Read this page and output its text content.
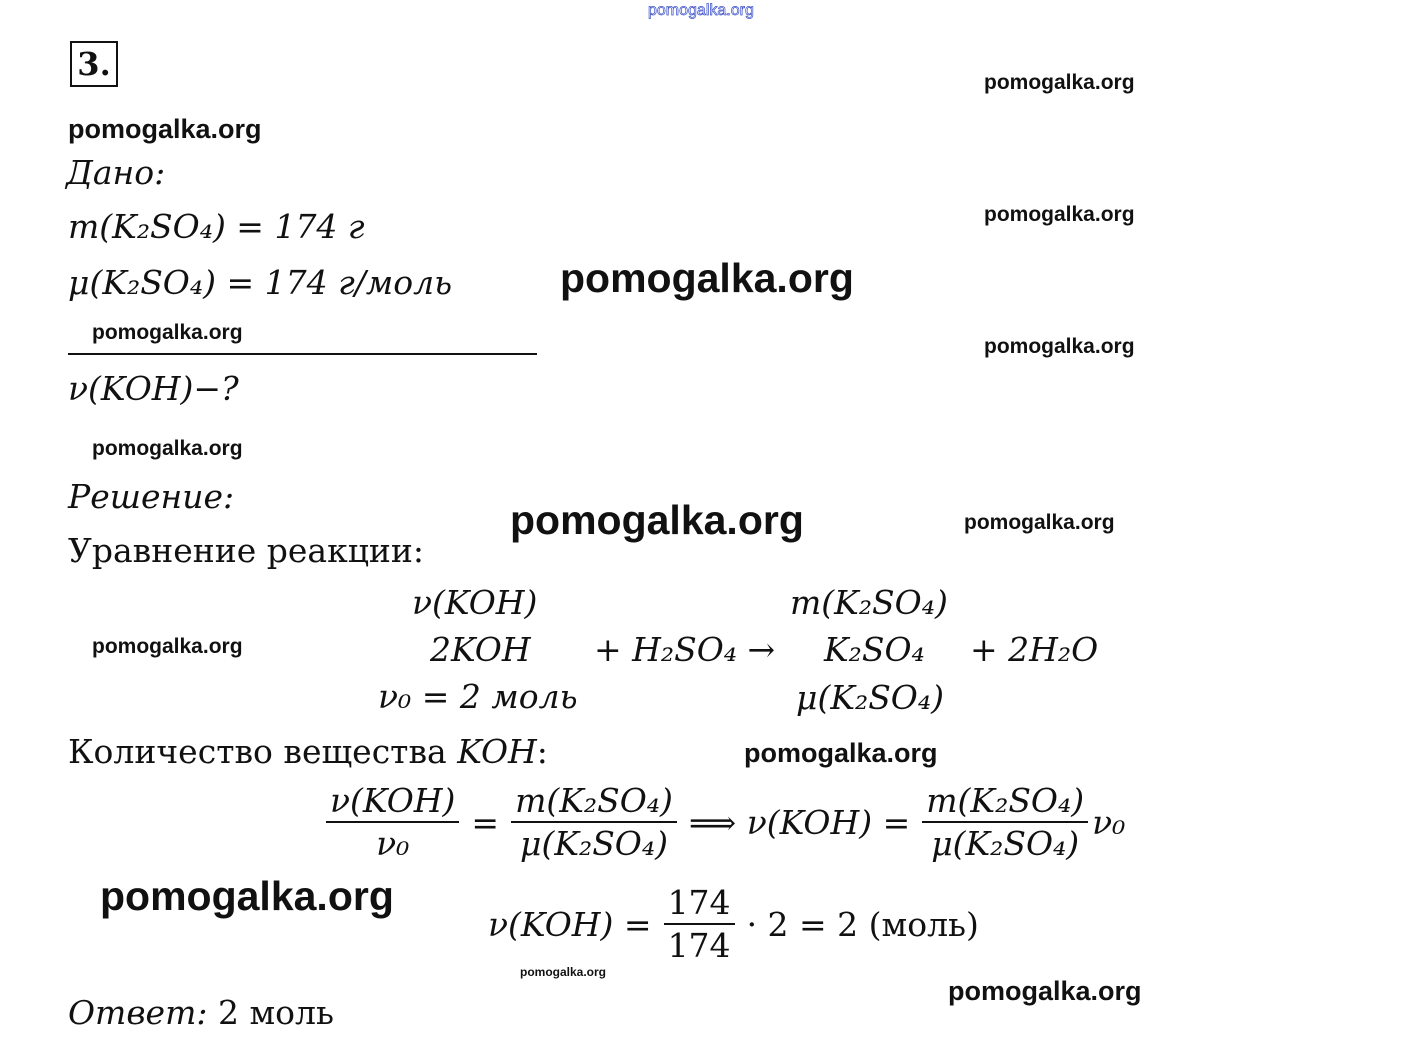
pomogalka.org
3.	pomogalka.org
pomogalka.org
pomogalka.org
pomogalka.org
pomogalka.org
pomogalka.org
pomogalka.org
pomogalka.org	pomogalka.org
pomogalka.org
pomogalka.org
pomogalka.org
pomogalka.org
pomogalka.org
Дано:
m(K₂SO₄) = 174 г
μ(K₂SO₄) = 174 г/моль
ν(KOH)−?
Решение:
Уравнение реакции:
ν(KOH)
2KOH
ν₀ = 2 моль
+ H₂SO₄ →
m(K₂SO₄)
K₂SO₄
μ(K₂SO₄)
+ 2H₂O
Количество вещества KOH:
$\frac{\text{ν(KOH)}}{\text{ν₀}} = \frac{\text{m(K₂SO₄)}}{\text{μ(K₂SO₄)}}$ ⟹ $\nu(KOH) = \frac{\text{m(K₂SO₄)}}{\text{μ(K₂SO₄)}} \nu_0$
$\nu(KOH) = \frac{174}{174} \cdot 2 = 2$ (моль)
Ответ: 2 моль
